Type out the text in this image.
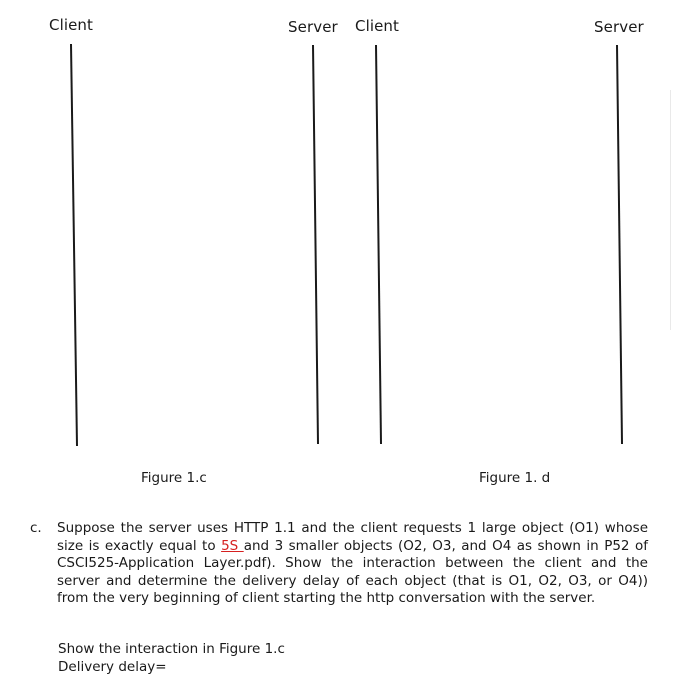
Client	Server Client	Server
Figure 1.c	Figure 1. d
c. Suppose the server uses HTTP 1.1 and the client requests 1 large object (O1) whose size is exactly equal to 5S and 3 smaller objects (O2, O3, and O4 as shown in P52 of CSCI525-Application Layer.pdf). Show the interaction between the client and the server and determine the delivery delay of each object (that is O1, O2, O3, or O4)) from the very beginning of client starting the http conversation with the server.
Show the interaction in Figure 1.c
Delivery delay=
